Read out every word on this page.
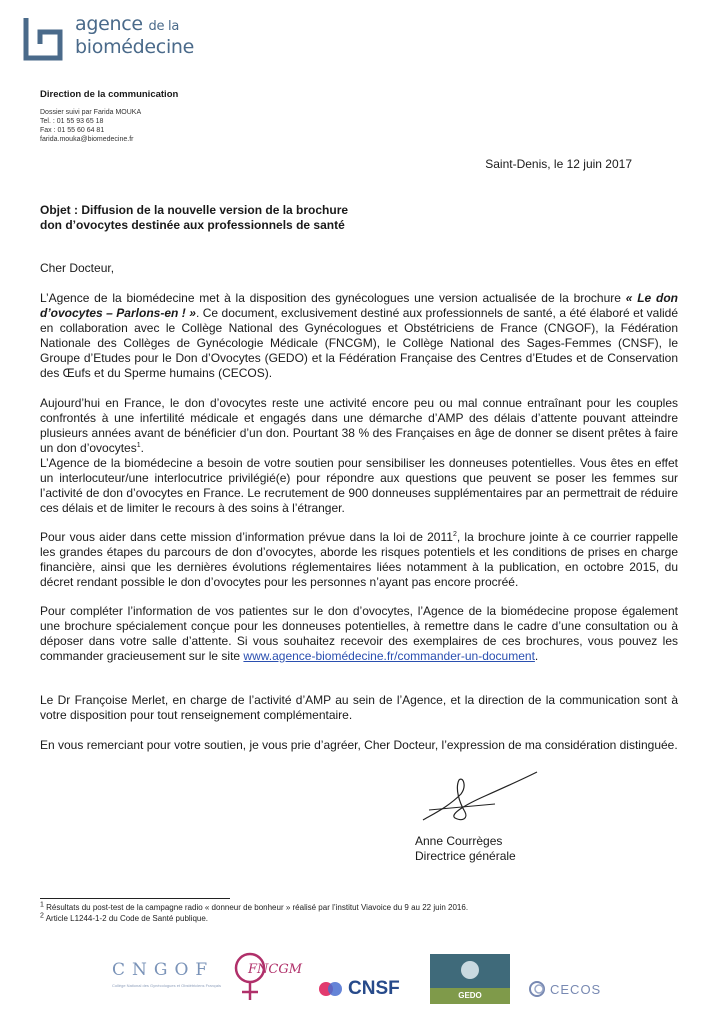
agence de la
biomédecine
Direction de la communication
Dossier suivi par Farida MOUKA
Tel. : 01 55 93 65 18
Fax : 01 55 60 64 81
farida.mouka@biomedecine.fr
Saint-Denis, le 12 juin 2017
Objet : Diffusion de la nouvelle version de la brochure
don d’ovocytes destinée aux professionnels de santé
Cher Docteur,
L’Agence de la biomédecine met à la disposition des gynécologues une version actualisée de la brochure « Le don d’ovocytes – Parlons-en ! ». Ce document, exclusivement destiné aux professionnels de santé, a été élaboré et validé en collaboration avec le Collège National des Gynécologues et Obstétriciens de France (CNGOF), la Fédération Nationale des Collèges de Gynécologie Médicale (FNCGM), le Collège National des Sages-Femmes (CNSF), le Groupe d’Etudes pour le Don d’Ovocytes (GEDO) et la Fédération Française des Centres d’Etudes et de Conservation des Œufs et du Sperme humains (CECOS).
Aujourd’hui en France, le don d’ovocytes reste une activité encore peu ou mal connue entraînant pour les couples confrontés à une infertilité médicale et engagés dans une démarche d’AMP des délais d’attente pouvant atteindre plusieurs années avant de bénéficier d’un don. Pourtant 38 % des Françaises en âge de donner se disent prêtes à faire un don d’ovocytes$^1$.
L’Agence de la biomédecine a besoin de votre soutien pour sensibiliser les donneuses potentielles. Vous êtes en effet un interlocuteur/une interlocutrice privilégié(e) pour répondre aux questions que peuvent se poser les femmes sur l’activité de don d’ovocytes en France. Le recrutement de 900 donneuses supplémentaires par an permettrait de réduire ces délais et de limiter le recours à des soins à l’étranger.
Pour vous aider dans cette mission d’information prévue dans la loi de 2011$^2$, la brochure jointe à ce courrier rappelle les grandes étapes du parcours de don d’ovocytes, aborde les risques potentiels et les conditions de prises en charge financière, ainsi que les dernières évolutions réglementaires liées notamment à la publication, en octobre 2015, du décret rendant possible le don d’ovocytes pour les personnes n’ayant pas encore procréé.
Pour compléter l’information de vos patientes sur le don d’ovocytes, l’Agence de la biomédecine propose également une brochure spécialement conçue pour les donneuses potentielles, à remettre dans le cadre d’une consultation ou à déposer dans votre salle d’attente. Si vous souhaitez recevoir des exemplaires de ces brochures, vous pouvez les commander gracieusement sur le site www.agence-biomédecine.fr/commander-un-document.
Le Dr Françoise Merlet, en charge de l’activité d’AMP au sein de l’Agence, et la direction de la communication sont à votre disposition pour tout renseignement complémentaire.
En vous remerciant pour votre soutien, je vous prie d’agréer, Cher Docteur, l’expression de ma considération distinguée.
Anne Courrèges
Directrice générale
$^1$ Résultats du post-test de la campagne radio « donneur de bonheur » réalisé par l’institut Viavoice du 9 au 22 juin 2016.
$^2$ Article L1244-1-2 du Code de Santé publique.
CNGOF
Collège National des Gynécologues et Obstétriciens Français
FNCGM
CNSF	GEDO	CECOS
